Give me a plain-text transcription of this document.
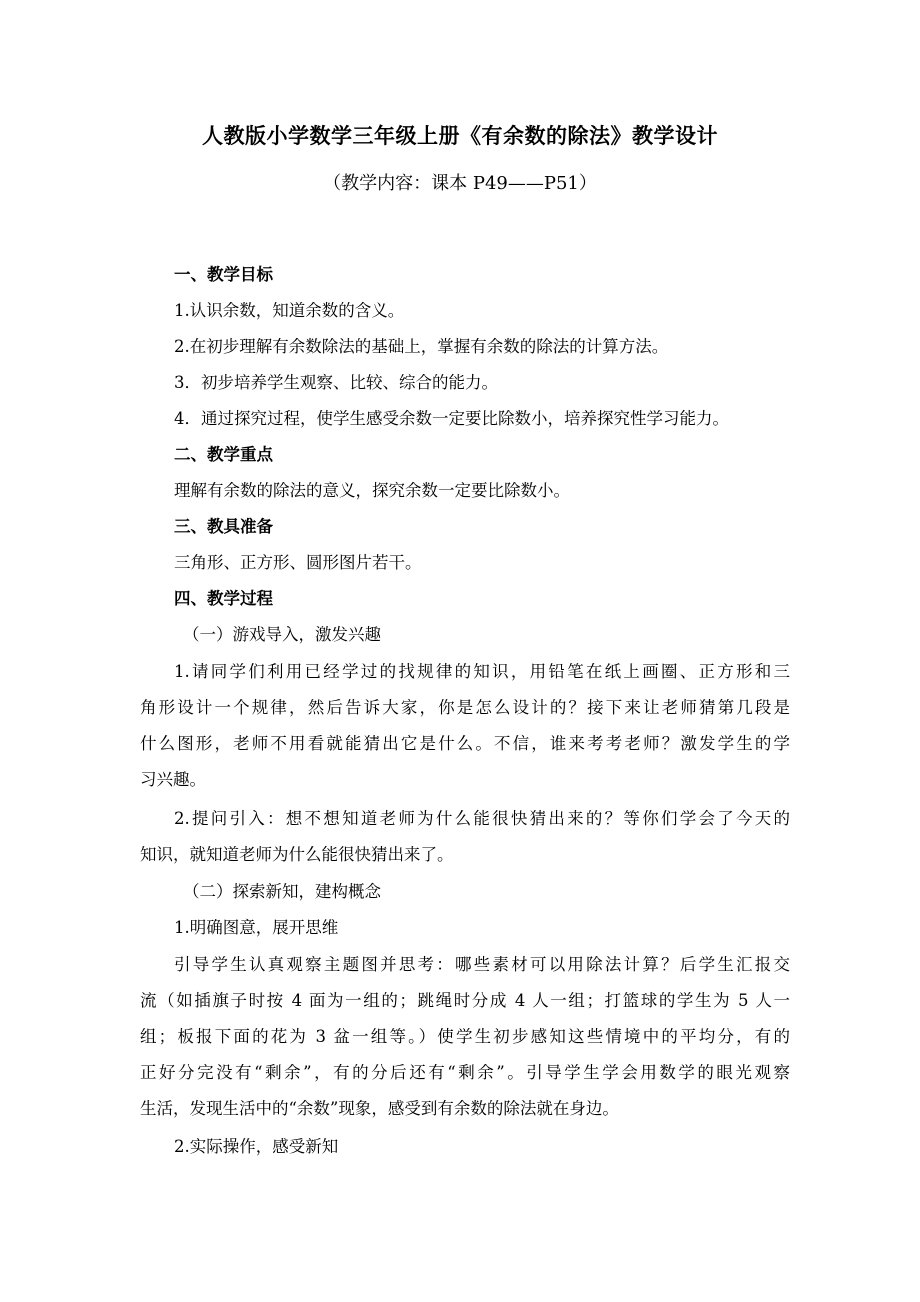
人教版小学数学三年级上册《有余数的除法》教学设计
（教学内容：课本 P49——P51）
一、教学目标
1.认识余数，知道余数的含义。
2.在初步理解有余数除法的基础上，掌握有余数的除法的计算方法。
3．初步培养学生观察、比较、综合的能力。
4．通过探究过程，使学生感受余数一定要比除数小，培养探究性学习能力。
二、教学重点
理解有余数的除法的意义，探究余数一定要比除数小。
三、教具准备
三角形、正方形、圆形图片若干。
四、教学过程
（一）游戏导入，激发兴趣
1.请同学们利用已经学过的找规律的知识，用铅笔在纸上画圈、正方形和三
角形设计一个规律，然后告诉大家，你是怎么设计的？接下来让老师猜第几段是
什么图形，老师不用看就能猜出它是什么。不信，谁来考考老师？激发学生的学
习兴趣。
2.提问引入：想不想知道老师为什么能很快猜出来的？等你们学会了今天的
知识，就知道老师为什么能很快猜出来了。
（二）探索新知，建构概念
1.明确图意，展开思维
引导学生认真观察主题图并思考：哪些素材可以用除法计算？后学生汇报交
流（如插旗子时按 4 面为一组的；跳绳时分成 4 人一组；打篮球的学生为 5 人一
组；板报下面的花为 3 盆一组等。）使学生初步感知这些情境中的平均分，有的
正好分完没有“剩余”，有的分后还有“剩余”。引导学生学会用数学的眼光观察
生活，发现生活中的“余数”现象，感受到有余数的除法就在身边。
2.实际操作，感受新知
